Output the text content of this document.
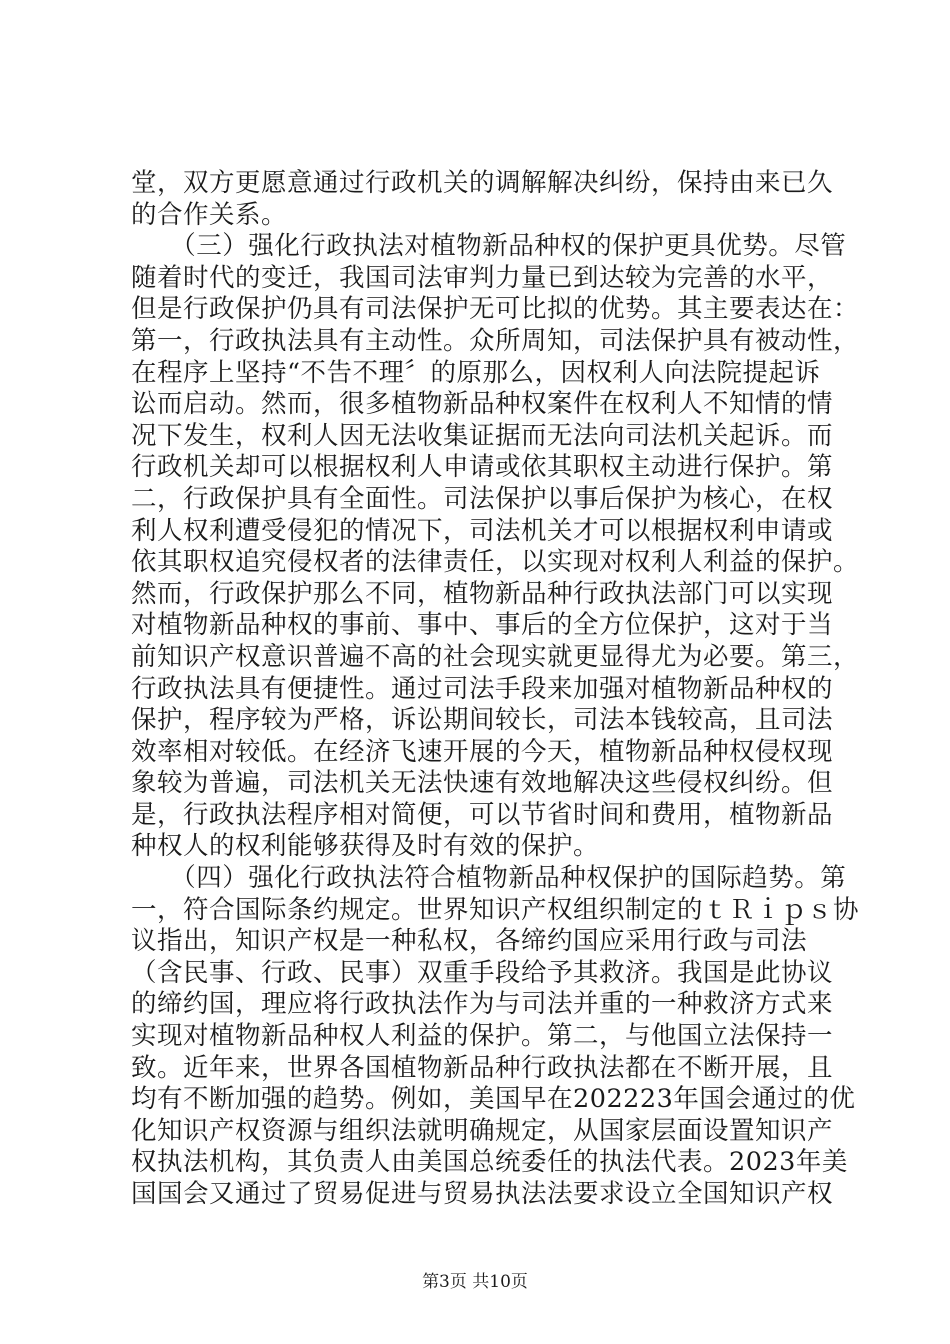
堂，双方更愿意通过行政机关的调解解决纠纷，保持由来已久
的合作关系。
　　（三）强化行政执法对植物新品种权的保护更具优势。尽管
随着时代的变迁，我国司法审判力量已到达较为完善的水平，
但是行政保护仍具有司法保护无可比拟的优势。其主要表达在：
第一，行政执法具有主动性。众所周知，司法保护具有被动性，
在程序上坚持“不告不理〞的原那么，因权利人向法院提起诉
讼而启动。然而，很多植物新品种权案件在权利人不知情的情
况下发生，权利人因无法收集证据而无法向司法机关起诉。而
行政机关却可以根据权利人申请或依其职权主动进行保护。第
二，行政保护具有全面性。司法保护以事后保护为核心，在权
利人权利遭受侵犯的情况下，司法机关才可以根据权利申请或
依其职权追究侵权者的法律责任，以实现对权利人利益的保护。
然而，行政保护那么不同，植物新品种行政执法部门可以实现
对植物新品种权的事前、事中、事后的全方位保护，这对于当
前知识产权意识普遍不高的社会现实就更显得尤为必要。第三，
行政执法具有便捷性。通过司法手段来加强对植物新品种权的
保护，程序较为严格，诉讼期间较长，司法本钱较高，且司法
效率相对较低。在经济飞速开展的今天，植物新品种权侵权现
象较为普遍，司法机关无法快速有效地解决这些侵权纠纷。但
是，行政执法程序相对简便，可以节省时间和费用，植物新品
种权人的权利能够获得及时有效的保护。
　　（四）强化行政执法符合植物新品种权保护的国际趋势。第
一，符合国际条约规定。世界知识产权组织制定的ｔＲｉｐｓ协
议指出，知识产权是一种私权，各缔约国应采用行政与司法
（含民事、行政、民事）双重手段给予其救济。我国是此协议
的缔约国，理应将行政执法作为与司法并重的一种救济方式来
实现对植物新品种权人利益的保护。第二，与他国立法保持一
致。近年来，世界各国植物新品种行政执法都在不断开展，且
均有不断加强的趋势。例如，美国早在202223年国会通过的优
化知识产权资源与组织法就明确规定，从国家层面设置知识产
权执法机构，其负责人由美国总统委任的执法代表。2023年美
国国会又通过了贸易促进与贸易执法法要求设立全国知识产权
第3页 共10页
